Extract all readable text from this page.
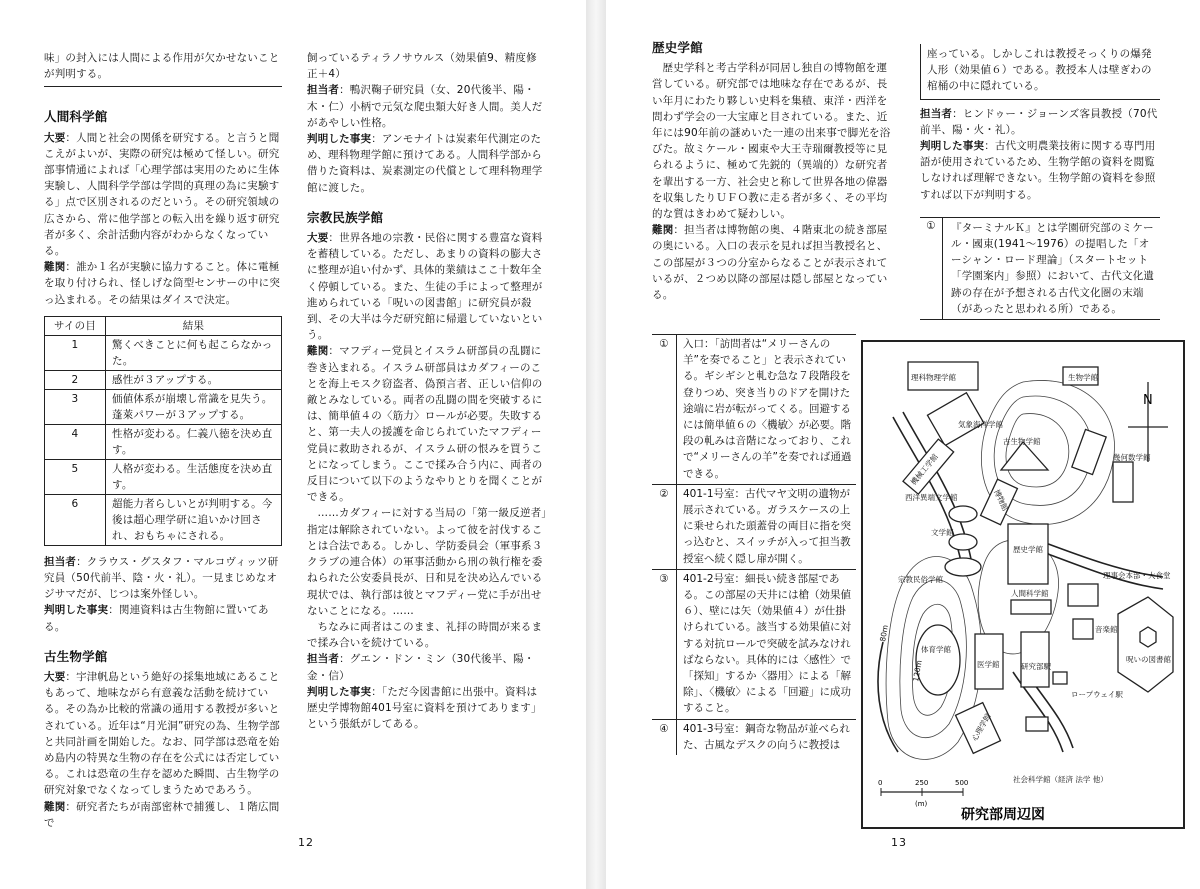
味」の封入には人間による作用が欠かせないことが判明する。

人間科学館

大要：人間と社会の関係を研究する。と言うと聞こえがよいが、実際の研究は極めて怪しい。研究部事情通によれば「心理学部は実用のために生体実験し、人間科学学部は学問的真理の為に実験する」点で区別されるのだという。その研究領域の広さから、常に他学部との転入出を繰り返す研究者が多く、余計活動内容がわからなくなっている。

難関：誰か１名が実験に協力すること。体に電極を取り付けられ、怪しげな筒型センサーの中に突っ込まれる。その結果はダイスで決定。

サイの目	結果
1	驚くべきことに何も起こらなかった。
2	感性が３アップする。
3	価値体系が崩壊し常識を見失う。蓬萊パワーが３アップする。
4	性格が変わる。仁義八徳を決め直す。
5	人格が変わる。生活態度を決め直す。
6	超能力者らしいとが判明する。今後は超心理学研に追いかけ回され、おもちゃにされる。

担当者：クラウス・グスタフ・マルコヴィッツ研究員（50代前半、陰・火・礼）。一見まじめなオジサマだが、じつは案外怪しい。

判明した事実：関連資料は古生物館に置いてある。

古生物学館

大要：宇津帆島という絶好の採集地域にあることもあって、地味ながら有意義な活動を続けている。その為か比較的常識の通用する教授が多いとされている。近年は“月光洞”研究の為、生物学部と共同計画を開始した。なお、同学部は恐竜を始め島内の特異な生物の存在を公式には否定している。これは恐竜の生存を認めた瞬間、古生物学の研究対象でなくなってしまうためであろう。

難関：研究者たちが南部密林で捕獲し、１階広間で

飼っているティラノサウルス（効果値9、精度修正＋4）

担当者：鴨沢鞠子研究員（女、20代後半、陽・木・仁）小柄で元気な爬虫類大好き人間。美人だがあやしい性格。

判明した事実：アンモナイトは炭素年代測定のため、理科物理学館に預けてある。人間科学部から借りた資料は、炭素測定の代償として理科物理学館に渡した。

宗教民族学館

大要：世界各地の宗教・民俗に関する豊富な資料を蓄積している。ただし、あまりの資料の膨大さに整理が追い付かず、具体的業績はここ十数年全く停頓している。また、生徒の手によって整理が進められている「呪いの図書館」に研究員が殺到、その大半は今だ研究館に帰還していないという。

難関：マフディー党員とイスラム研部員の乱闘に巻き込まれる。イスラム研部員はカダフィーのことを海上モスク窃盗者、偽預言者、正しい信仰の敵とみなしている。両者の乱闘の間を突破するには、簡単値４の〈筋力〉ロールが必要。失敗すると、第一夫人の援護を命じられていたマフディー党員に救助されるが、イスラム研の恨みを買うことになってしまう。ここで揉み合う内に、両者の反目について以下のようなやりとりを聞くことができる。

……カダフィーに対する当局の「第一級反逆者」指定は解除されていない。よって彼を討伐することは合法である。しかし、学防委員会（軍事系３クラブの連合体）の軍事活動から刑の執行権を委ねられた公安委員長が、日和見を決め込んでいる現状では、執行部は彼とマフディー党に手が出せないことになる。……

ちなみに両者はこのまま、礼拝の時間が来るまで揉み合いを続けている。

担当者：グエン・ドン・ミン（30代後半、陽・金・信）

判明した事実：「ただ今図書館に出張中。資料は歴史学博物館401号室に資料を預けてあります」という張紙がしてある。

12	13
歴史学館

歴史学科と考古学科が同居し独自の博物館を運営している。研究部では地味な存在であるが、長い年月にわたり夥しい史料を集積、東洋・西洋を問わず学会の一大宝庫と目されている。また、近年には90年前の謎めいた一連の出来事で脚光を浴びた。故ミケール・國東や大王寺瑞爾教授等に見られるように、極めて先鋭的（異端的）な研究者を輩出する一方、社会史と称して世界各地の偉器を収集したりＵＦＯ教に走る者が多く、その平均的な質はきわめて疑わしい。

難関：担当者は博物館の奥、４階東北の続き部屋の奥にいる。入口の表示を見れば担当教授名と、この部屋が３つの分室からなることが表示されているが、２つめ以降の部屋は隠し部屋となっている。

座っている。しかしこれは教授そっくりの爆発人形（効果値６）である。教授本人は壁ぎわの棺桶の中に隠れている。

担当者：ヒンドゥー・ジョーンズ客員教授（70代前半、陽・火・礼）。

判明した事実：古代文明農業技術に関する専門用語が使用されているため、生物学館の資料を閲覧しなければ理解できない。生物学館の資料を参照すれば以下が判明する。

①	『ターミナルＫ』とは学園研究部のミケール・國東(1941〜1976）の提唱した「オーシャン・ロード理論」（スタートセット「学園案内」参照）において、古代文化遺跡の存在が予想される古代文化圏の末端（があったと思われる所）である。
①	入口：「訪問者は“メリーさんの羊”を奏でること」と表示されている。ギシギシと軋む急な７段階段を登りつめ、突き当りのドアを開けた途端に岩が転がってくる。回避するには簡単値６の〈機敏〉が必要。階段の軋みは音階になっており、これで“メリーさんの羊”を奏でれば通過できる。
②	401-1号室：古代マヤ文明の遺物が展示されている。ガラスケースの上に乗せられた頭蓋骨の両目に指を突っ込むと、スイッチが入って担当教授室へ続く隠し扉が開く。
③	401-2号室：細長い続き部屋である。この部屋の天井には槍（効果値６）、壁には矢（効果値４）が仕掛けられている。該当する効果値に対する対抗ロールで突破を試みなければならない。具体的には〈感性〉で「探知」するか〈器用〉による「解除」、〈機敏〉による「回避」に成功すること。
④	401-3号室：鋼奇な物品が並べられた、古風なデスクの向うに教授は
N
理科物理学館
気象海洋学館
生物学館
古生物学館
機械工学館
博物館
幾何数学館
西洋異端文学館
文学館
歴史学館
宗教民俗学館
人間科学館
理事会本部・大食堂
音楽館
体育学館
医学館	研究部駅
呪いの図書館
ロープウェイ駅
心理学館
社会科学館（経済 法学 他）
80m
120m
0	250	500
(m)
研究部周辺図
